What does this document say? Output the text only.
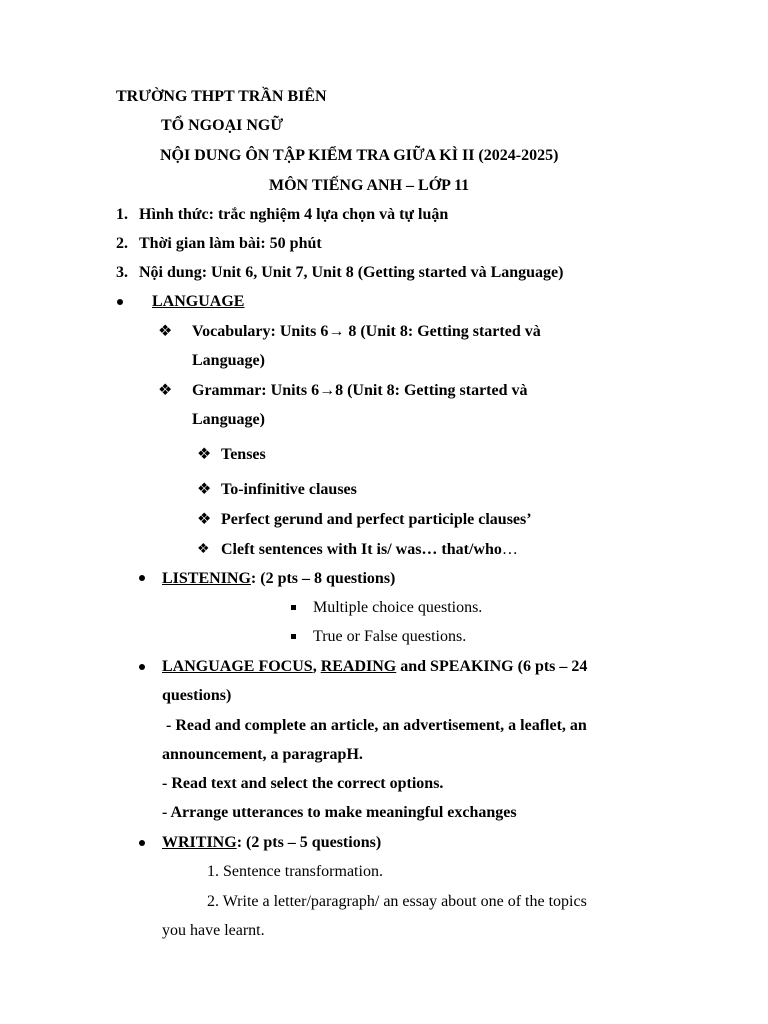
TRƯỜNG THPT TRẦN BIÊN
TỔ NGOẠI NGỮ
NỘI DUNG ÔN TẬP KIỂM TRA GIỮA KÌ II (2024-2025)
MÔN TIẾNG ANH – LỚP 11
1. Hình thức: trắc nghiệm 4 lựa chọn và tự luận
2. Thời gian làm bài: 50 phút
3. Nội dung: Unit 6, Unit 7, Unit 8 (Getting started và Language)
LANGUAGE
❖ Vocabulary: Units 6→ 8 (Unit 8: Getting started và
Language)
❖ Grammar: Units 6→8 (Unit 8: Getting started và
Language)
❖ Tenses
❖ To-infinitive clauses
❖ Perfect gerund and perfect participle clauses’
❖ Cleft sentences with It is/ was… that/who…
LISTENING: (2 pts – 8 questions)
Multiple choice questions.
True or False questions.
LANGUAGE FOCUS, READING and SPEAKING (6 pts – 24
questions)
- Read and complete an article, an advertisement, a leaflet, an
announcement, a paragrapH.
- Read text and select the correct options.
- Arrange utterances to make meaningful exchanges
WRITING: (2 pts – 5 questions)
1. Sentence transformation.
2. Write a letter/paragraph/ an essay about one of the topics
you have learnt.
